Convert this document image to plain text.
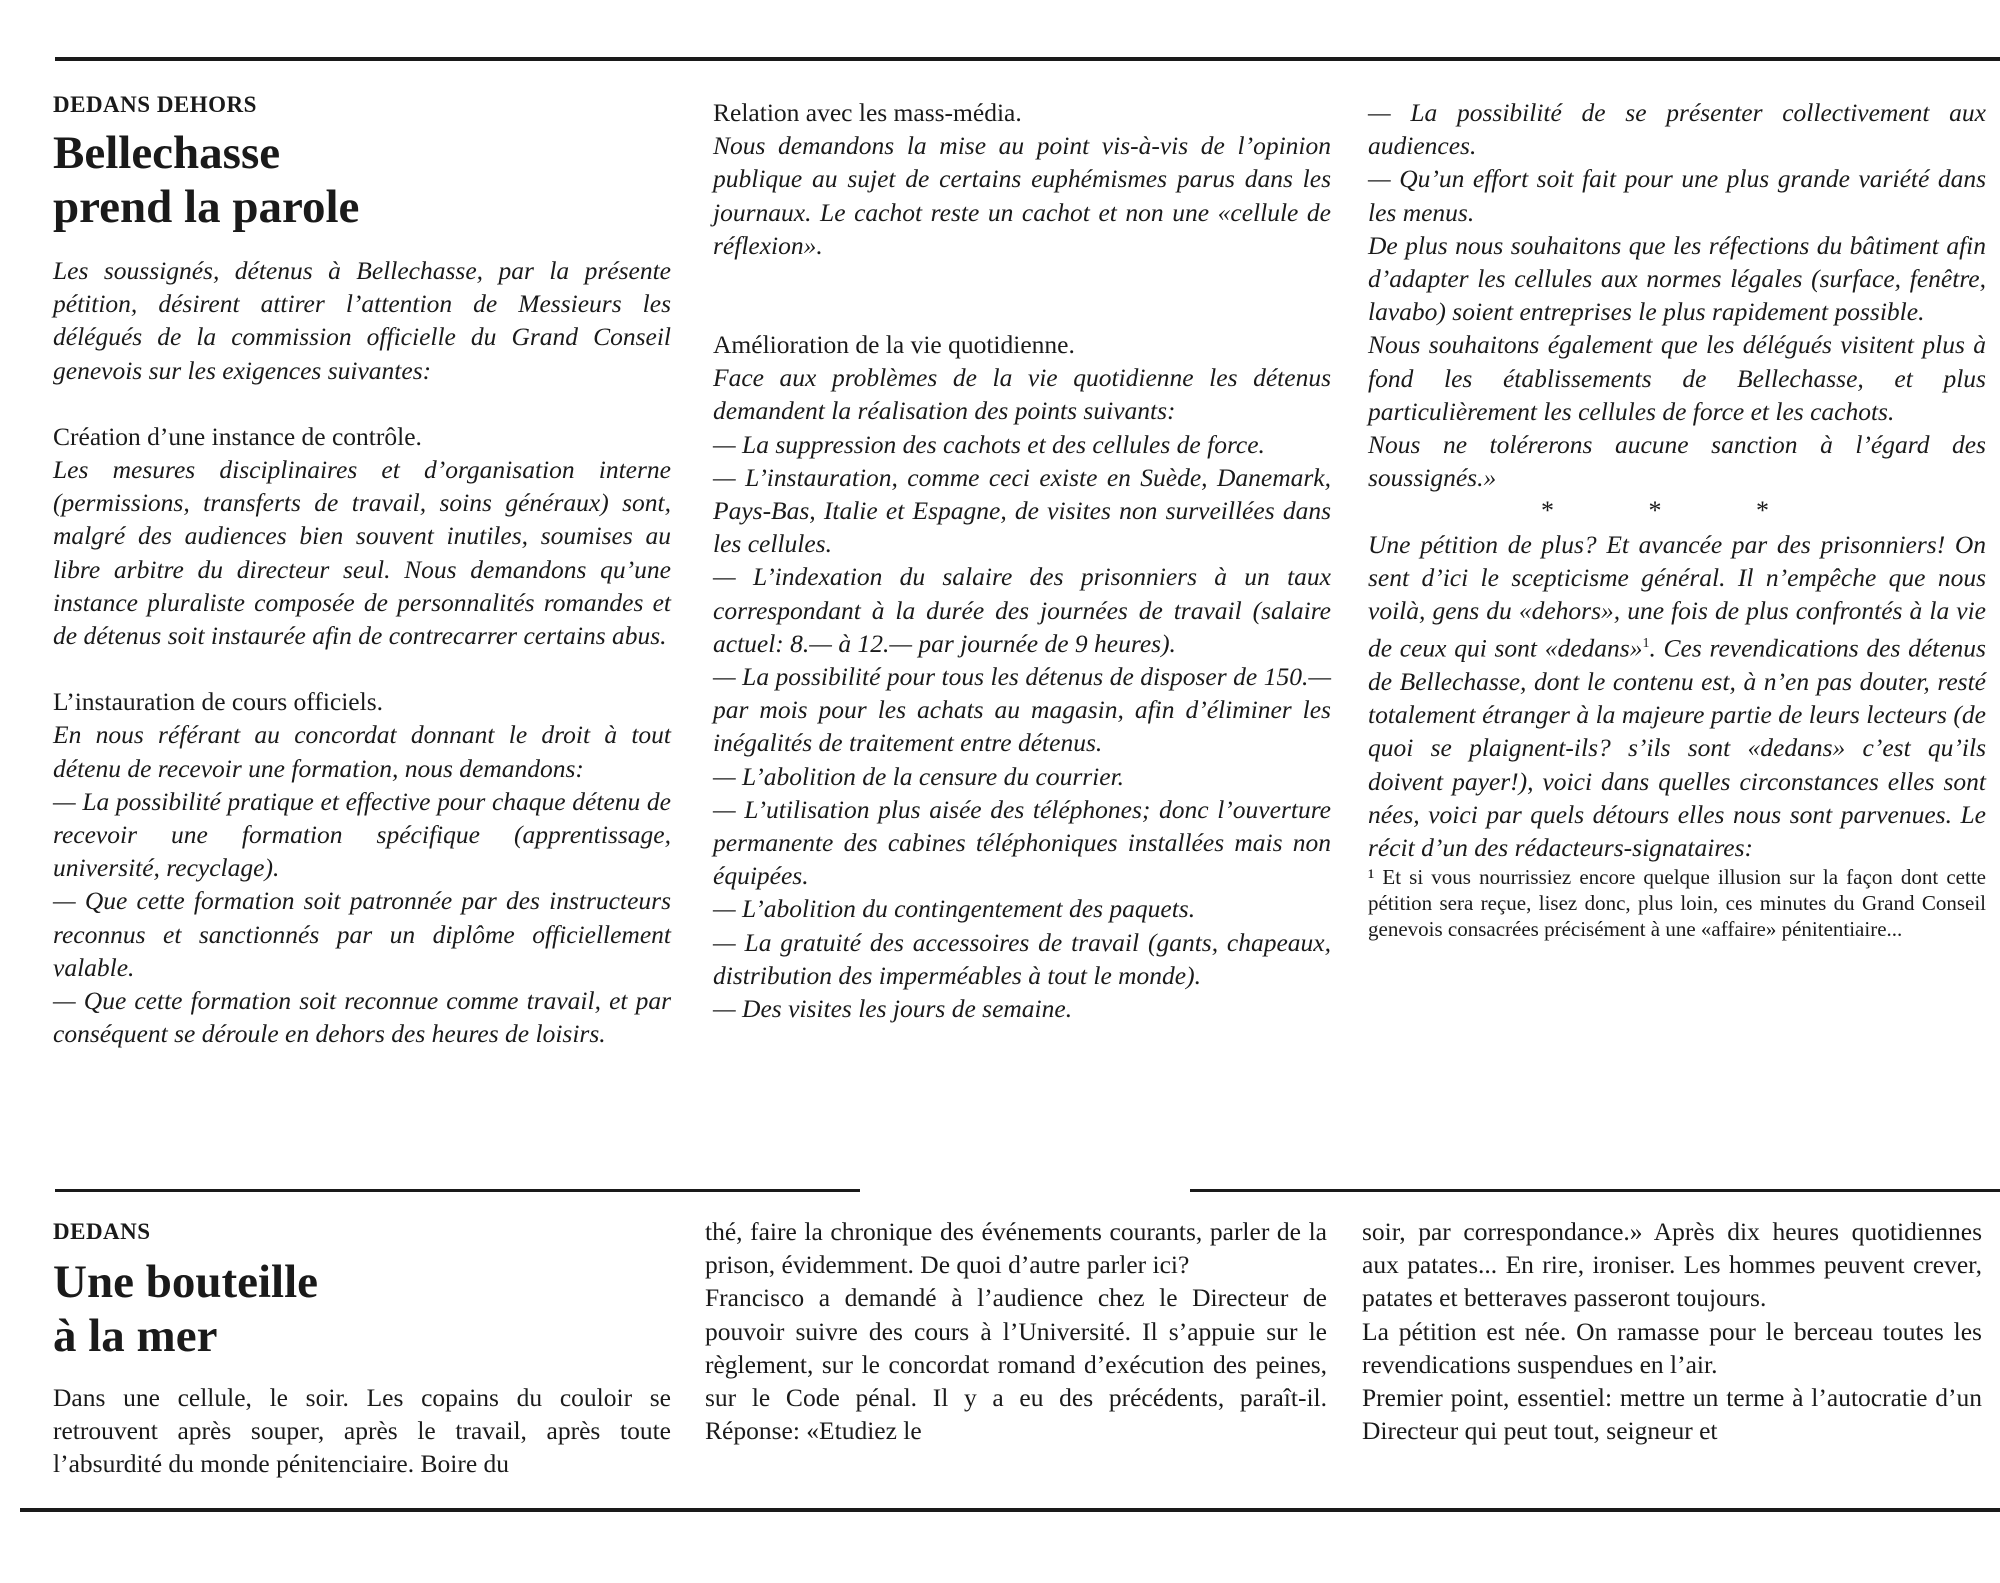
DEDANS DEHORS

Bellechasse
prend la parole

Les soussignés, détenus à Bellechasse, par la présente pétition, désirent attirer l’attention de Messieurs les délégués de la commission officielle du Grand Conseil genevois sur les exigences suivantes:

Création d’une instance de contrôle.

Les mesures disciplinaires et d’organisation interne (permissions, transferts de travail, soins généraux) sont, malgré des audiences bien souvent inutiles, soumises au libre arbitre du directeur seul. Nous demandons qu’une instance pluraliste composée de personnalités romandes et de détenus soit instaurée afin de contrecarrer certains abus.

L’instauration de cours officiels.

En nous référant au concordat donnant le droit à tout détenu de recevoir une formation, nous demandons:

— La possibilité pratique et effective pour chaque détenu de recevoir une formation spécifique (apprentissage, université, recyclage).

— Que cette formation soit patronnée par des instructeurs reconnus et sanctionnés par un diplôme officiellement valable.

— Que cette formation soit reconnue comme travail, et par conséquent se déroule en dehors des heures de loisirs.

Relation avec les mass-média.

Nous demandons la mise au point vis-à-vis de l’opinion publique au sujet de certains euphémismes parus dans les journaux. Le cachot reste un cachot et non une «cellule de réflexion».

Amélioration de la vie quotidienne.

Face aux problèmes de la vie quotidienne les détenus demandent la réalisation des points suivants:

— La suppression des cachots et des cellules de force.

— L’instauration, comme ceci existe en Suède, Danemark, Pays-Bas, Italie et Espagne, de visites non surveillées dans les cellules.

— L’indexation du salaire des prisonniers à un taux correspondant à la durée des journées de travail (salaire actuel: 8.— à 12.— par journée de 9 heures).

— La possibilité pour tous les détenus de disposer de 150.— par mois pour les achats au magasin, afin d’éliminer les inégalités de traitement entre détenus.

— L’abolition de la censure du courrier.

— L’utilisation plus aisée des téléphones; donc l’ouverture permanente des cabines téléphoniques installées mais non équipées.

— L’abolition du contingentement des paquets.

— La gratuité des accessoires de travail (gants, chapeaux, distribution des imperméables à tout le monde).

— Des visites les jours de semaine.

— La possibilité de se présenter collectivement aux audiences.

— Qu’un effort soit fait pour une plus grande variété dans les menus.

De plus nous souhaitons que les réfections du bâtiment afin d’adapter les cellules aux normes légales (surface, fenêtre, lavabo) soient entreprises le plus rapidement possible.

Nous souhaitons également que les délégués visitent plus à fond les établissements de Bellechasse, et plus particulièrement les cellules de force et les cachots.

Nous ne tolérerons aucune sanction à l’égard des soussignés.»

* * *

Une pétition de plus? Et avancée par des prisonniers! On sent d’ici le scepticisme général. Il n’empêche que nous voilà, gens du «dehors», une fois de plus confrontés à la vie de ceux qui sont «dedans»$^1$. Ces revendications des détenus de Bellechasse, dont le contenu est, à n’en pas douter, resté totalement étranger à la majeure partie de leurs lecteurs (de quoi se plaignent-ils? s’ils sont «dedans» c’est qu’ils doivent payer!), voici dans quelles circonstances elles sont nées, voici par quels détours elles nous sont parvenues. Le récit d’un des rédacteurs-signataires:

¹ Et si vous nourrissiez encore quelque illusion sur la façon dont cette pétition sera reçue, lisez donc, plus loin, ces minutes du Grand Conseil genevois consacrées précisément à une «affaire» pénitentiaire...

DEDANS

Une bouteille
à la mer

Dans une cellule, le soir. Les copains du couloir se retrouvent après souper, après le travail, après toute l’absurdité du monde pénitenciaire. Boire du

thé, faire la chronique des événements courants, parler de la prison, évidemment. De quoi d’autre parler ici?

Francisco a demandé à l’audience chez le Directeur de pouvoir suivre des cours à l’Université. Il s’appuie sur le règlement, sur le concordat romand d’exécution des peines, sur le Code pénal. Il y a eu des précédents, paraît-il. Réponse: «Etudiez le

soir, par correspondance.» Après dix heures quotidiennes aux patates... En rire, ironiser. Les hommes peuvent crever, patates et betteraves passeront toujours.

La pétition est née. On ramasse pour le berceau toutes les revendications suspendues en l’air.

Premier point, essentiel: mettre un terme à l’autocratie d’un Directeur qui peut tout, seigneur et
